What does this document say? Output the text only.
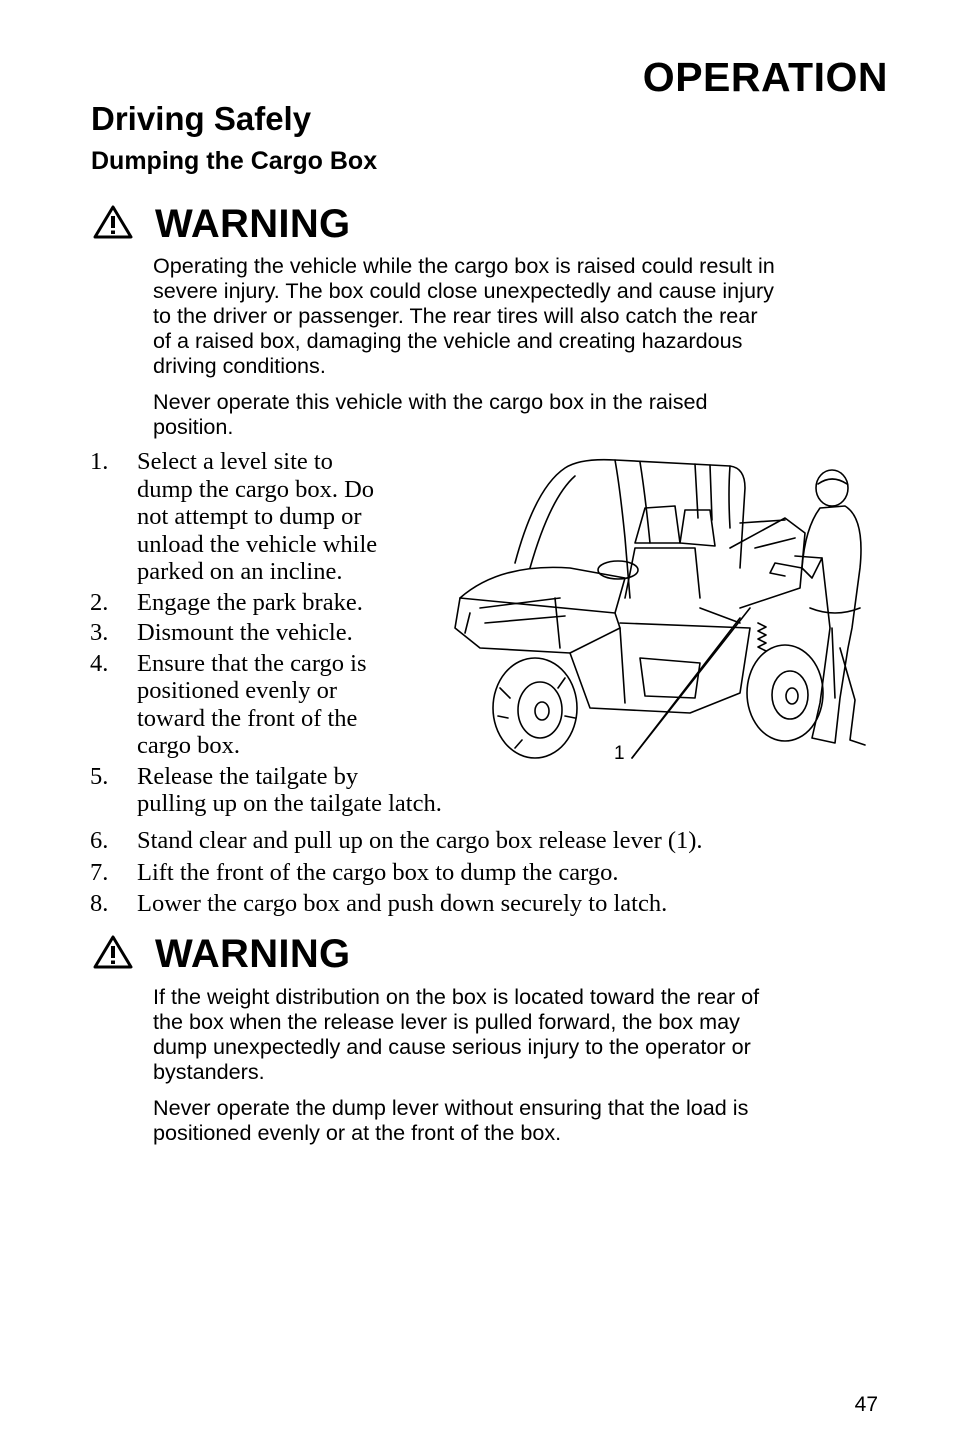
OPERATION
Driving Safely
Dumping the Cargo Box
WARNING
Operating the vehicle while the cargo box is raised could result in
severe injury. The box could close unexpectedly and cause injury
to the driver or passenger. The rear tires will also catch the rear
of a raised box, damaging the vehicle and creating hazardous
driving conditions.
Never operate this vehicle with the cargo box in the raised
position.
1. Select a level site to
dump the cargo box. Do
not attempt to dump or
unload the vehicle while
parked on an incline.
2. Engage the park brake.
3. Dismount the vehicle.
4. Ensure that the cargo is
positioned evenly or
toward the front of the
cargo box.
5. Release the tailgate by
pulling up on the tailgate latch.
6. Stand clear and pull up on the cargo box release lever (1).
7. Lift the front of the cargo box to dump the cargo.
8. Lower the cargo box and push down securely to latch.
1
WARNING
If the weight distribution on the box is located toward the rear of
the box when the release lever is pulled forward, the box may
dump unexpectedly and cause serious injury to the operator or
bystanders.
Never operate the dump lever without ensuring that the load is
positioned evenly or at the front of the box.
47
